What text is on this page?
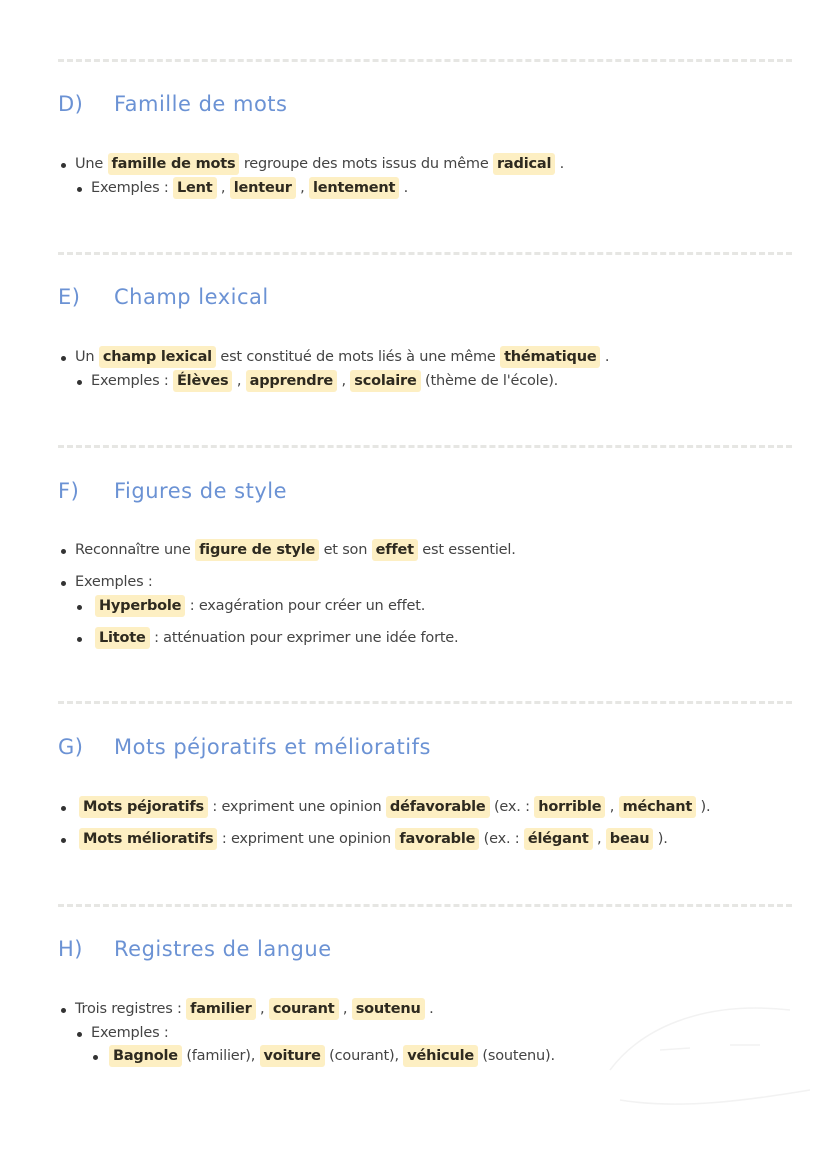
D) Famille de mots
Une famille de mots regroupe des mots issus du même radical .
Exemples : Lent , lenteur , lentement .
E) Champ lexical
Un champ lexical est constitué de mots liés à une même thématique .
Exemples : Élèves , apprendre , scolaire (thème de l'école).
F) Figures de style
Reconnaître une figure de style et son effet est essentiel.
Exemples :
Hyperbole : exagération pour créer un effet.
Litote : atténuation pour exprimer une idée forte.
G) Mots péjoratifs et mélioratifs
Mots péjoratifs : expriment une opinion défavorable (ex. : horrible , méchant ).
Mots mélioratifs : expriment une opinion favorable (ex. : élégant , beau ).
H) Registres de langue
Trois registres : familier , courant , soutenu .
Exemples :
Bagnole (familier), voiture (courant), véhicule (soutenu).
